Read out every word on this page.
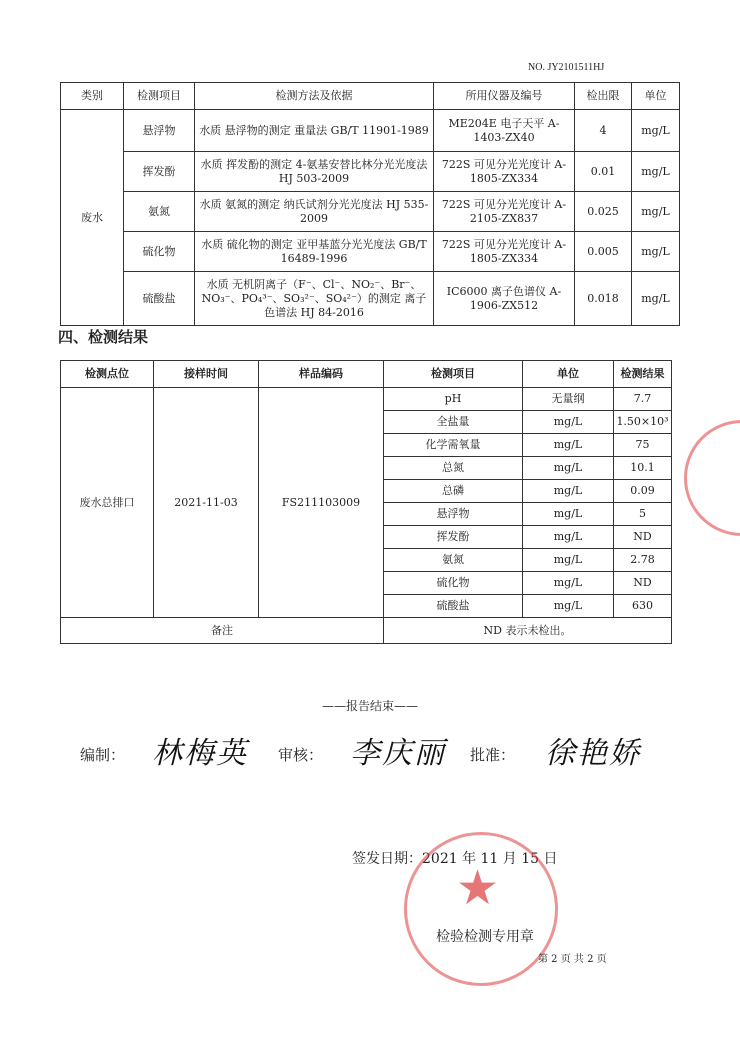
NO. JY2101511HJ
类别	检测项目	检测方法及依据	所用仪器及编号	检出限	单位
废水	悬浮物	水质 悬浮物的测定 重量法 GB/T 11901-1989	ME204E 电子天平 A-1403-ZX40	4	mg/L
	挥发酚	水质 挥发酚的测定 4-氨基安替比林分光光度法 HJ 503-2009	722S 可见分光光度计 A-1805-ZX334	0.01	mg/L
	氨氮	水质 氨氮的测定 纳氏试剂分光光度法 HJ 535-2009	722S 可见分光光度计 A-2105-ZX837	0.025	mg/L
	硫化物	水质 硫化物的测定 亚甲基蓝分光光度法 GB/T 16489-1996	722S 可见分光光度计 A-1805-ZX334	0.005	mg/L
	硫酸盐	水质 无机阴离子（F⁻、Cl⁻、NO₂⁻、Br⁻、NO₃⁻、PO₄³⁻、SO₃²⁻、SO₄²⁻）的测定 离子色谱法 HJ 84-2016	IC6000 离子色谱仪 A-1906-ZX512	0.018	mg/L
四、检测结果
检测点位	接样时间	样品编码	检测项目	单位	检测结果
废水总排口	2021-11-03	FS211103009	pH	无量纲	7.7
			全盐量	mg/L	1.50×10³
			化学需氧量	mg/L	75
			总氮	mg/L	10.1
			总磷	mg/L	0.09
			悬浮物	mg/L	5
			挥发酚	mg/L	ND
			氨氮	mg/L	2.78
			硫化物	mg/L	ND
			硫酸盐	mg/L	630
备注			ND 表示未检出。		
——报告结束——
编制： 林梅英 审核： 李庆丽 批准： 徐艳娇
签发日期：2021 年 11 月 15 日
★
检验检测专用章
第 2 页 共 2 页
